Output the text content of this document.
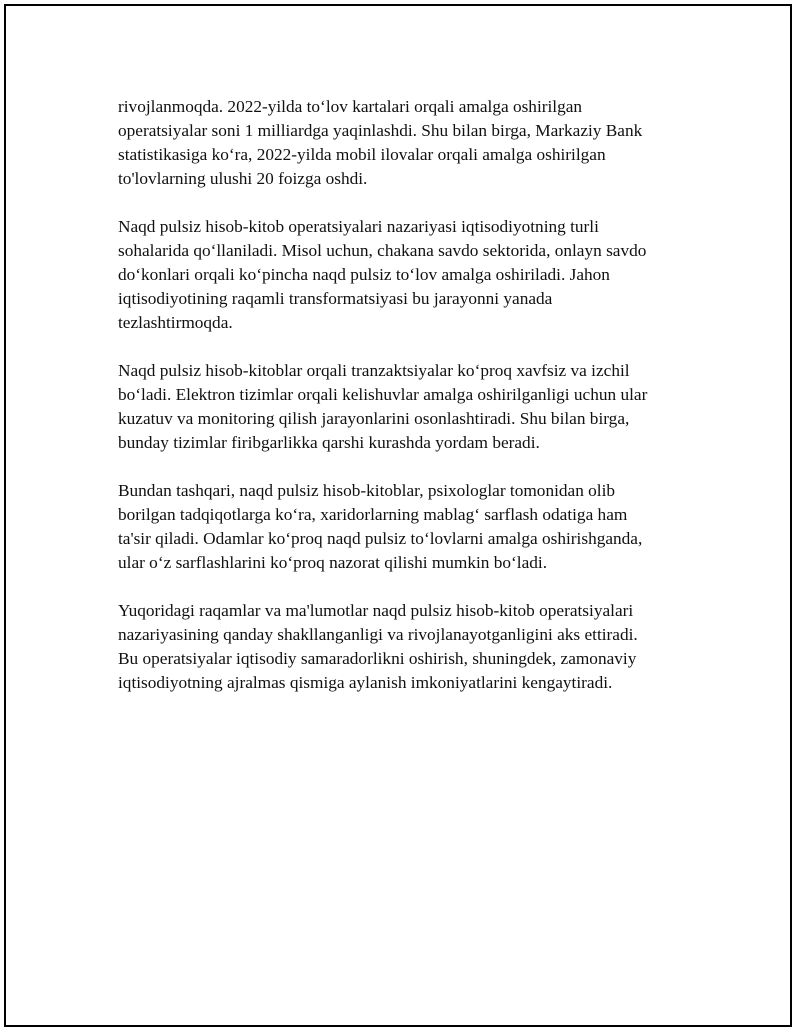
rivojlanmoqda. 2022-yilda to‘lov kartalari orqali amalga oshirilgan
operatsiyalar soni 1 milliardga yaqinlashdi. Shu bilan birga, Markaziy Bank
statistikasiga ko‘ra, 2022-yilda mobil ilovalar orqali amalga oshirilgan
to'lovlarning ulushi 20 foizga oshdi.

Naqd pulsiz hisob-kitob operatsiyalari nazariyasi iqtisodiyotning turli
sohalarida qo‘llaniladi. Misol uchun, chakana savdo sektorida, onlayn savdo
do‘konlari orqali ko‘pincha naqd pulsiz to‘lov amalga oshiriladi. Jahon
iqtisodiyotining raqamli transformatsiyasi bu jarayonni yanada
tezlashtirmoqda.

Naqd pulsiz hisob-kitoblar orqali tranzaktsiyalar ko‘proq xavfsiz va izchil
bo‘ladi. Elektron tizimlar orqali kelishuvlar amalga oshirilganligi uchun ular
kuzatuv va monitoring qilish jarayonlarini osonlashtiradi. Shu bilan birga,
bunday tizimlar firibgarlikka qarshi kurashda yordam beradi.

Bundan tashqari, naqd pulsiz hisob-kitoblar, psixologlar tomonidan olib
borilgan tadqiqotlarga ko‘ra, xaridorlarning mablag‘ sarflash odatiga ham
ta'sir qiladi. Odamlar ko‘proq naqd pulsiz to‘lovlarni amalga oshirishganda,
ular o‘z sarflashlarini ko‘proq nazorat qilishi mumkin bo‘ladi.

Yuqoridagi raqamlar va ma'lumotlar naqd pulsiz hisob-kitob operatsiyalari
nazariyasining qanday shakllanganligi va rivojlanayotganligini aks ettiradi.
Bu operatsiyalar iqtisodiy samaradorlikni oshirish, shuningdek, zamonaviy
iqtisodiyotning ajralmas qismiga aylanish imkoniyatlarini kengaytiradi.
